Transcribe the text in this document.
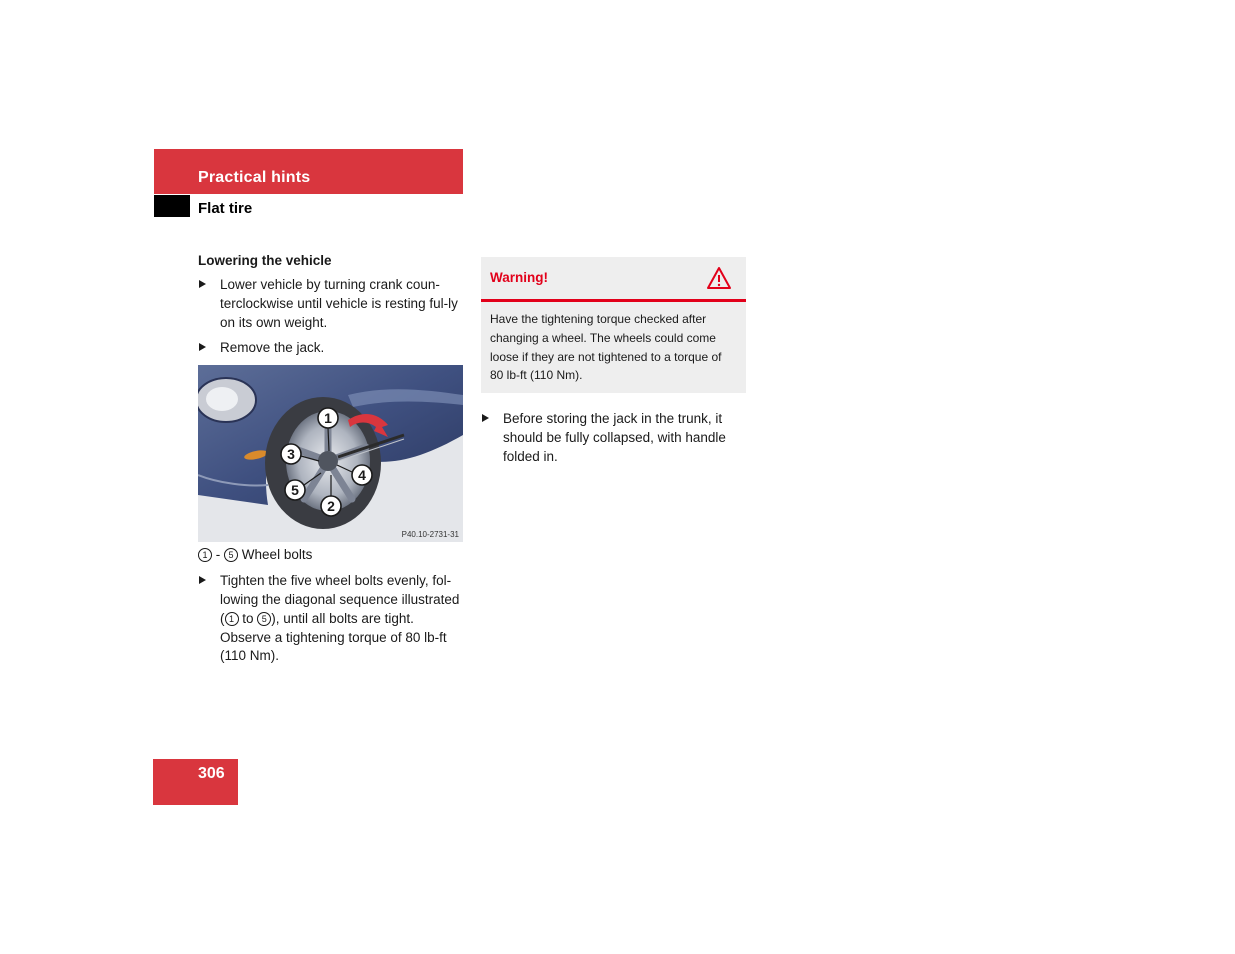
Practical hints
Flat tire
Lowering the vehicle
Lower vehicle by turning crank coun-terclockwise until vehicle is resting ful-ly on its own weight.
Remove the jack.
1
3
4
5
2
P40.10-2731-31
1 - 5 Wheel bolts
Tighten the five wheel bolts evenly, fol-lowing the diagonal sequence illustrated ( 1 to 5 ), until all bolts are tight. Observe a tightening torque of 80 lb-ft (110 Nm).
Warning!
Have the tightening torque checked after changing a wheel. The wheels could come loose if they are not tightened to a torque of 80 lb-ft (110 Nm).
Before storing the jack in the trunk, it should be fully collapsed, with handle folded in.
306
